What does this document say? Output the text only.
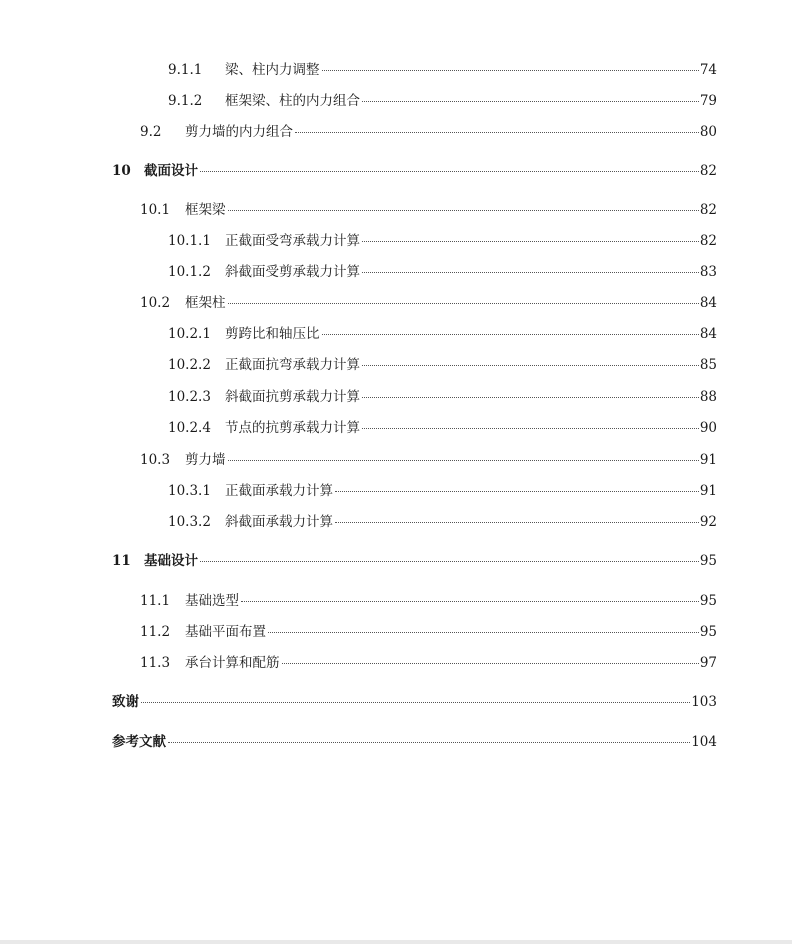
9.1.1	梁、柱内力调整	74
9.1.2	框架梁、柱的内力组合	79
9.2	剪力墙的内力组合	80
10 截面设计	82
10.1	框架梁	82
10.1.1	正截面受弯承载力计算	82
10.1.2	斜截面受剪承载力计算	83
10.2	框架柱	84
10.2.1	剪跨比和轴压比	84
10.2.2	正截面抗弯承载力计算	85
10.2.3	斜截面抗剪承载力计算	88
10.2.4	节点的抗剪承载力计算	90
10.3	剪力墙	91
10.3.1	正截面承载力计算	91
10.3.2	斜截面承载力计算	92
11 基础设计	95
11.1	基础选型	95
11.2	基础平面布置	95
11.3	承台计算和配筋	97
致谢	103
参考文献	104
